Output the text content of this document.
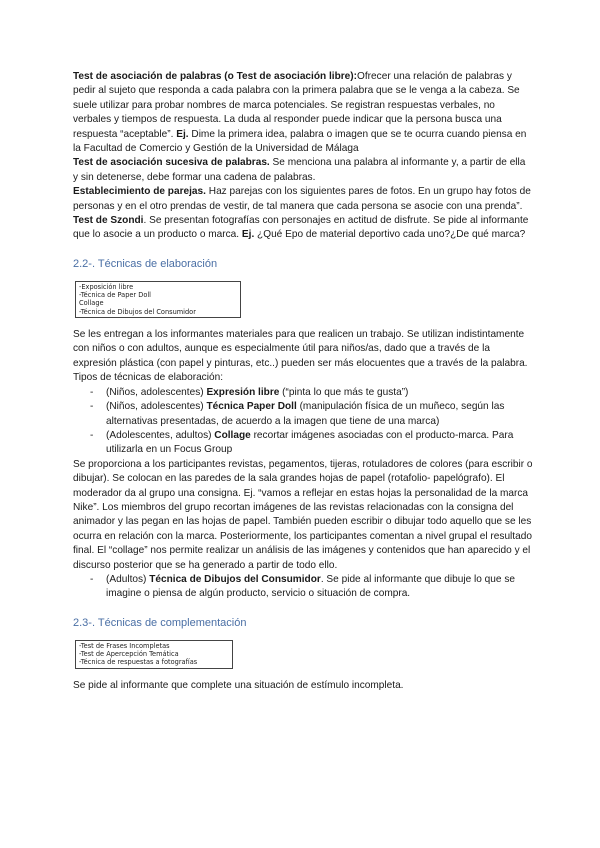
Test de asociación de palabras (o Test de asociación libre):Ofrecer una relación de palabras y pedir al sujeto que responda a cada palabra con la primera palabra que se le venga a la cabeza. Se suele utilizar para probar nombres de marca potenciales. Se registran respuestas verbales, no verbales y tiempos de respuesta. La duda al responder puede indicar que la persona busca una respuesta “aceptable”. Ej. Dime la primera idea, palabra o imagen que se te ocurra cuando piensa en la Facultad de Comercio y Gestión de la Universidad de Málaga

Test de asociación sucesiva de palabras. Se menciona una palabra al informante y, a partir de ella y sin detenerse, debe formar una cadena de palabras.

Establecimiento de parejas. Haz parejas con los siguientes pares de fotos. En un grupo hay fotos de personas y en el otro prendas de vestir, de tal manera que cada persona se asocie con una prenda”.

Test de Szondi. Se presentan fotografías con personajes en actitud de disfrute. Se pide al informante que lo asocie a un producto o marca. Ej. ¿Qué Epo de material deportivo cada uno?¿De qué marca?

2.2-. Técnicas de elaboración

-Exposición libre
-Técnica de Paper Doll
Collage
-Técnica de Dibujos del Consumidor

Se les entregan a los informantes materiales para que realicen un trabajo. Se utilizan indistintamente con niños o con adultos, aunque es especialmente útil para niños/as, dado que a través de la expresión plástica (con papel y pinturas, etc..) pueden ser más elocuentes que a través de la palabra.

Tipos de técnicas de elaboración:

- (Niños, adolescentes) Expresión libre (“pinta lo que más te gusta”)
- (Niños, adolescentes) Técnica Paper Doll (manipulación física de un muñeco, según las alternativas presentadas, de acuerdo a la imagen que tiene de una marca)
- (Adolescentes, adultos) Collage recortar imágenes asociadas con el producto-marca. Para utilizarla en un Focus Group

Se proporciona a los participantes revistas, pegamentos, tijeras, rotuladores de colores (para escribir o dibujar). Se colocan en las paredes de la sala grandes hojas de papel (rotafolio- papelógrafo). El moderador da al grupo una consigna. Ej. “vamos a reflejar en estas hojas la personalidad de la marca Nike”. Los miembros del grupo recortan imágenes de las revistas relacionadas con la consigna del animador y las pegan en las hojas de papel. También pueden escribir o dibujar todo aquello que se les ocurra en relación con la marca. Posteriormente, los participantes comentan a nivel grupal el resultado final. El “collage” nos permite realizar un análisis de las imágenes y contenidos que han aparecido y el discurso posterior que se ha generado a partir de todo ello.

- (Adultos) Técnica de Dibujos del Consumidor. Se pide al informante que dibuje lo que se imagine o piensa de algún producto, servicio o situación de compra.

2.3-. Técnicas de complementación

-Test de Frases Incompletas
-Test de Apercepción Temática
-Técnica de respuestas a fotografías

Se pide al informante que complete una situación de estímulo incompleta.
